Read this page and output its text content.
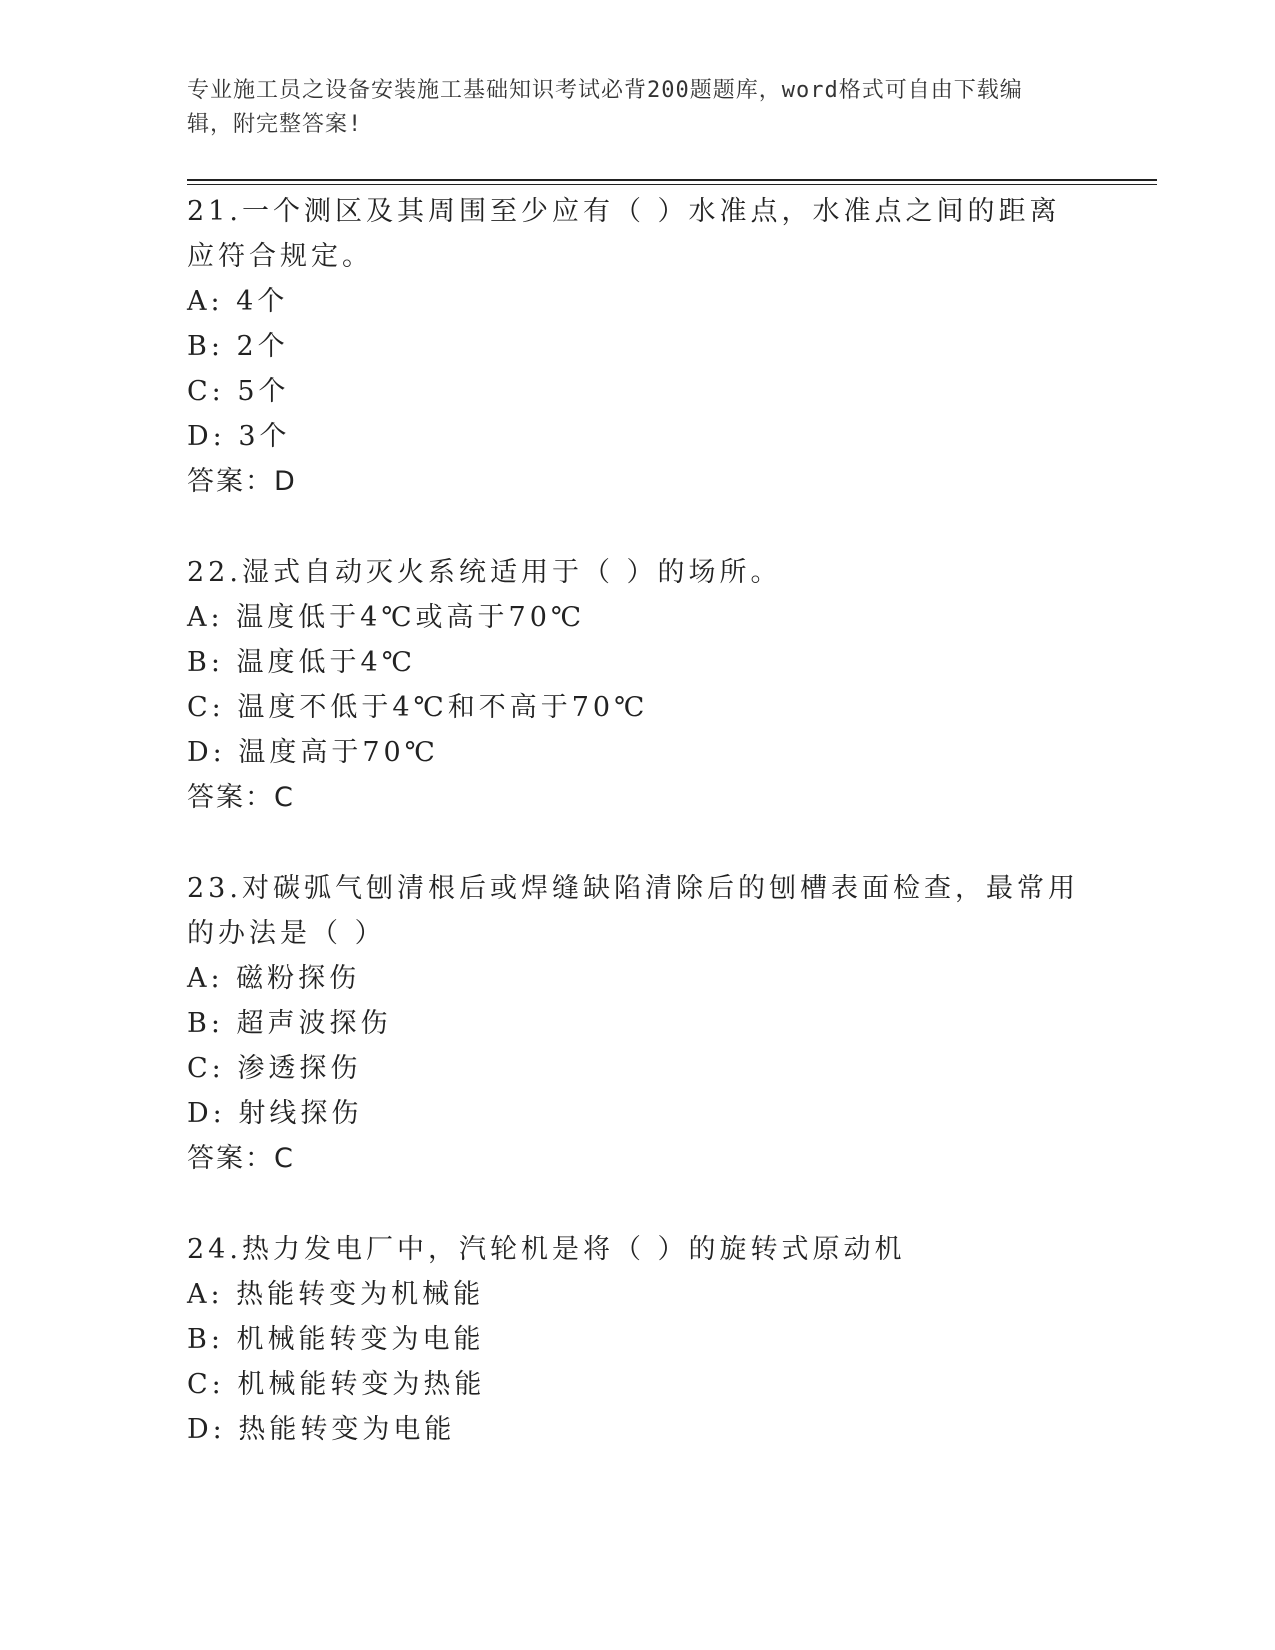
专业施工员之设备安装施工基础知识考试必背200题题库，word格式可自由下载编辑，附完整答案!

21.一个测区及其周围至少应有（ ）水准点，水准点之间的距离应符合规定。

A: 4个

B: 2个

C: 5个

D: 3个

答案：D

22.湿式自动灭火系统适用于（ ）的场所。

A: 温度低于4℃或高于70℃

B: 温度低于4℃

C: 温度不低于4℃和不高于70℃

D: 温度高于70℃

答案：C

23.对碳弧气刨清根后或焊缝缺陷清除后的刨槽表面检查，最常用的办法是（ ）

A: 磁粉探伤

B: 超声波探伤

C: 渗透探伤

D: 射线探伤

答案：C

24.热力发电厂中，汽轮机是将（ ）的旋转式原动机

A: 热能转变为机械能

B: 机械能转变为电能

C: 机械能转变为热能

D: 热能转变为电能
